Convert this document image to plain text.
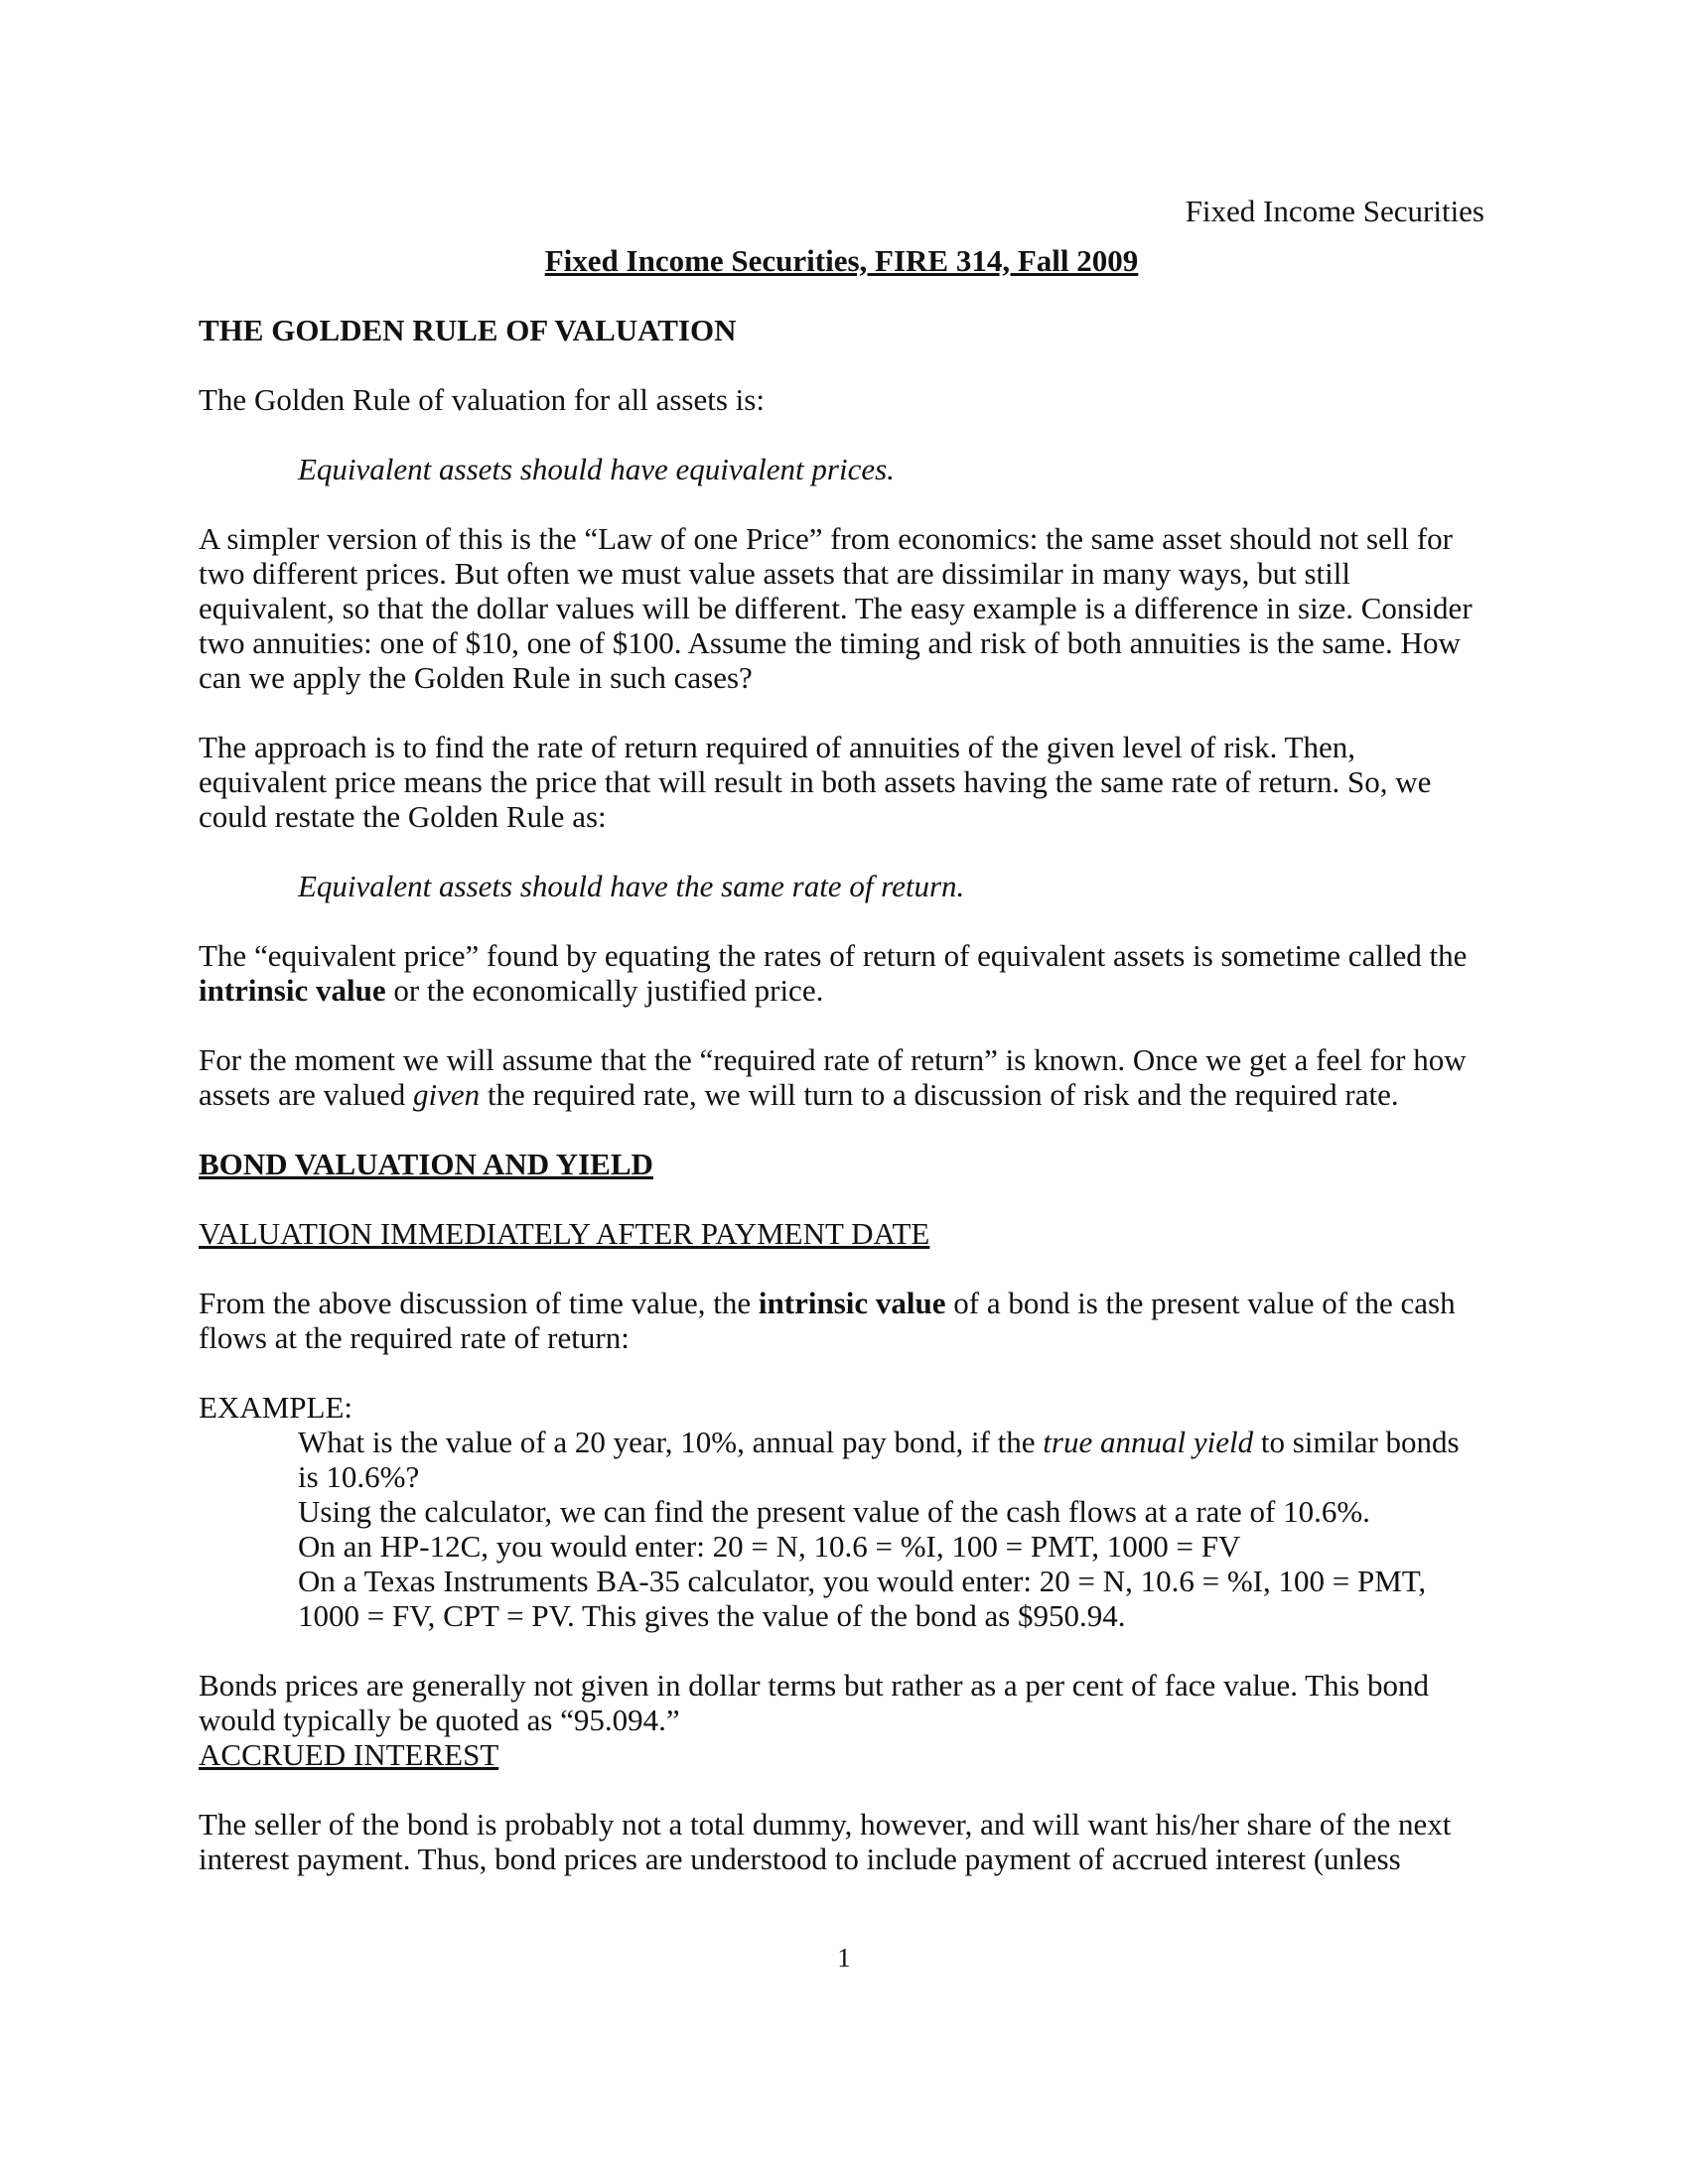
Fixed Income Securities
Fixed Income Securities, FIRE 314, Fall 2009
THE GOLDEN RULE OF VALUATION

The Golden Rule of valuation for all assets is:

Equivalent assets should have equivalent prices.

A simpler version of this is the “Law of one Price” from economics: the same asset should not sell for two different prices. But often we must value assets that are dissimilar in many ways, but still equivalent, so that the dollar values will be different. The easy example is a difference in size. Consider two annuities: one of $10, one of $100. Assume the timing and risk of both annuities is the same. How can we apply the Golden Rule in such cases?

The approach is to find the rate of return required of annuities of the given level of risk. Then, equivalent price means the price that will result in both assets having the same rate of return. So, we could restate the Golden Rule as:

Equivalent assets should have the same rate of return.

The “equivalent price” found by equating the rates of return of equivalent assets is sometime called the intrinsic value or the economically justified price.

For the moment we will assume that the “required rate of return” is known. Once we get a feel for how assets are valued given the required rate, we will turn to a discussion of risk and the required rate.

BOND VALUATION AND YIELD
VALUATION IMMEDIATELY AFTER PAYMENT DATE

From the above discussion of time value, the intrinsic value of a bond is the present value of the cash flows at the required rate of return:

EXAMPLE:
What is the value of a 20 year, 10%, annual pay bond, if the true annual yield to similar bonds is 10.6%?
Using the calculator, we can find the present value of the cash flows at a rate of 10.6%.
On an HP-12C, you would enter: 20 = N, 10.6 = %I, 100 = PMT, 1000 = FV
On a Texas Instruments BA-35 calculator, you would enter: 20 = N, 10.6 = %I, 100 = PMT, 1000 = FV, CPT = PV. This gives the value of the bond as $950.94.

Bonds prices are generally not given in dollar terms but rather as a per cent of face value. This bond would typically be quoted as “95.094.”

ACCRUED INTEREST

The seller of the bond is probably not a total dummy, however, and will want his/her share of the next interest payment. Thus, bond prices are understood to include payment of accrued interest (unless

1
